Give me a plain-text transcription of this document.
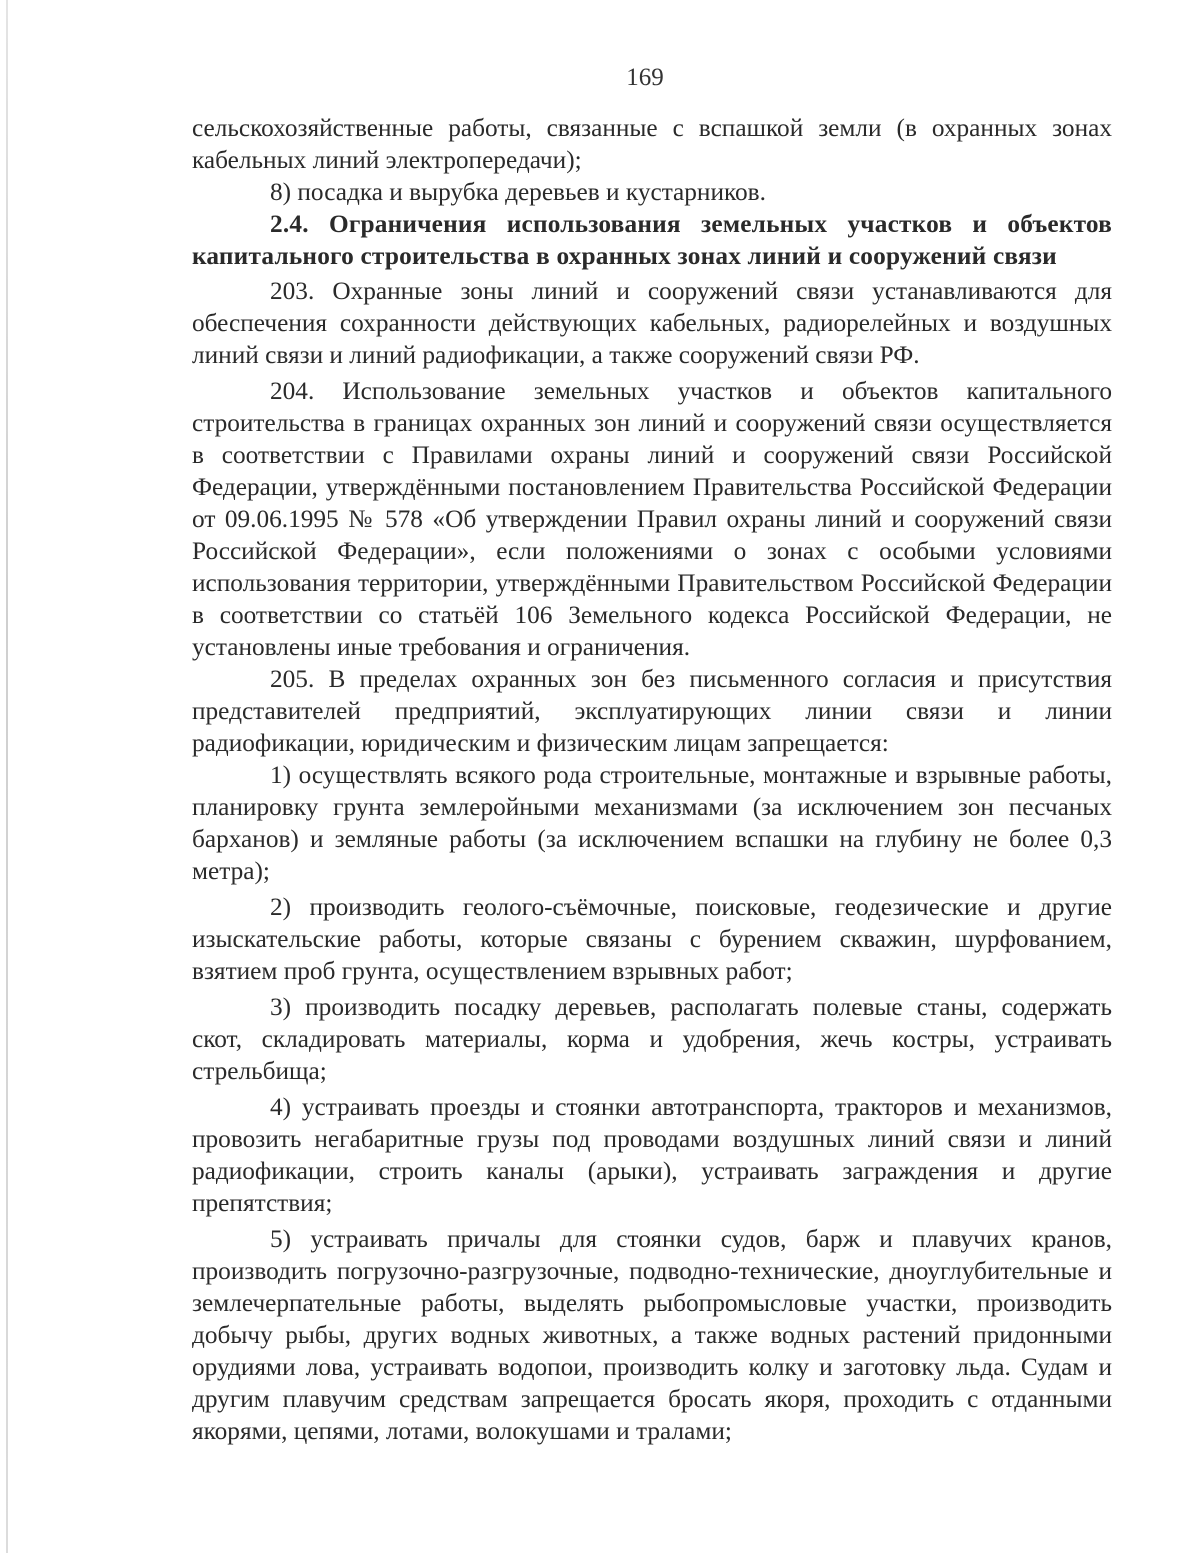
169

сельскохозяйственные работы, связанные с вспашкой земли (в охранных зонах кабельных линий электропередачи);

8) посадка и вырубка деревьев и кустарников.

2.4. Ограничения использования земельных участков и объектов капитального строительства в охранных зонах линий и сооружений связи

203. Охранные зоны линий и сооружений связи устанавливаются для обеспечения сохранности действующих кабельных, радиорелейных и воздушных линий связи и линий радиофикации, а также сооружений связи РФ.

204. Использование земельных участков и объектов капитального строительства в границах охранных зон линий и сооружений связи осуществляется в соответствии с Правилами охраны линий и сооружений связи Российской Федерации, утверждёнными постановлением Правительства Российской Федерации от 09.06.1995 № 578 «Об утверждении Правил охраны линий и сооружений связи Российской Федерации», если положениями о зонах с особыми условиями использования территории, утверждёнными Правительством Российской Федерации в соответствии со статьёй 106 Земельного кодекса Российской Федерации, не установлены иные требования и ограничения.

205. В пределах охранных зон без письменного согласия и присутствия представителей предприятий, эксплуатирующих линии связи и линии радиофикации, юридическим и физическим лицам запрещается:

1) осуществлять всякого рода строительные, монтажные и взрывные работы, планировку грунта землеройными механизмами (за исключением зон песчаных барханов) и земляные работы (за исключением вспашки на глубину не более 0,3 метра);

2) производить геолого-съёмочные, поисковые, геодезические и другие изыскательские работы, которые связаны с бурением скважин, шурфованием, взятием проб грунта, осуществлением взрывных работ;

3) производить посадку деревьев, располагать полевые станы, содержать скот, складировать материалы, корма и удобрения, жечь костры, устраивать стрельбища;

4) устраивать проезды и стоянки автотранспорта, тракторов и механизмов, провозить негабаритные грузы под проводами воздушных линий связи и линий радиофикации, строить каналы (арыки), устраивать заграждения и другие препятствия;

5) устраивать причалы для стоянки судов, барж и плавучих кранов, производить погрузочно-разгрузочные, подводно-технические, дноуглубительные и землечерпательные работы, выделять рыбопромысловые участки, производить добычу рыбы, других водных животных, а также водных растений придонными орудиями лова, устраивать водопои, производить колку и заготовку льда. Судам и другим плавучим средствам запрещается бросать якоря, проходить с отданными якорями, цепями, лотами, волокушами и тралами;
